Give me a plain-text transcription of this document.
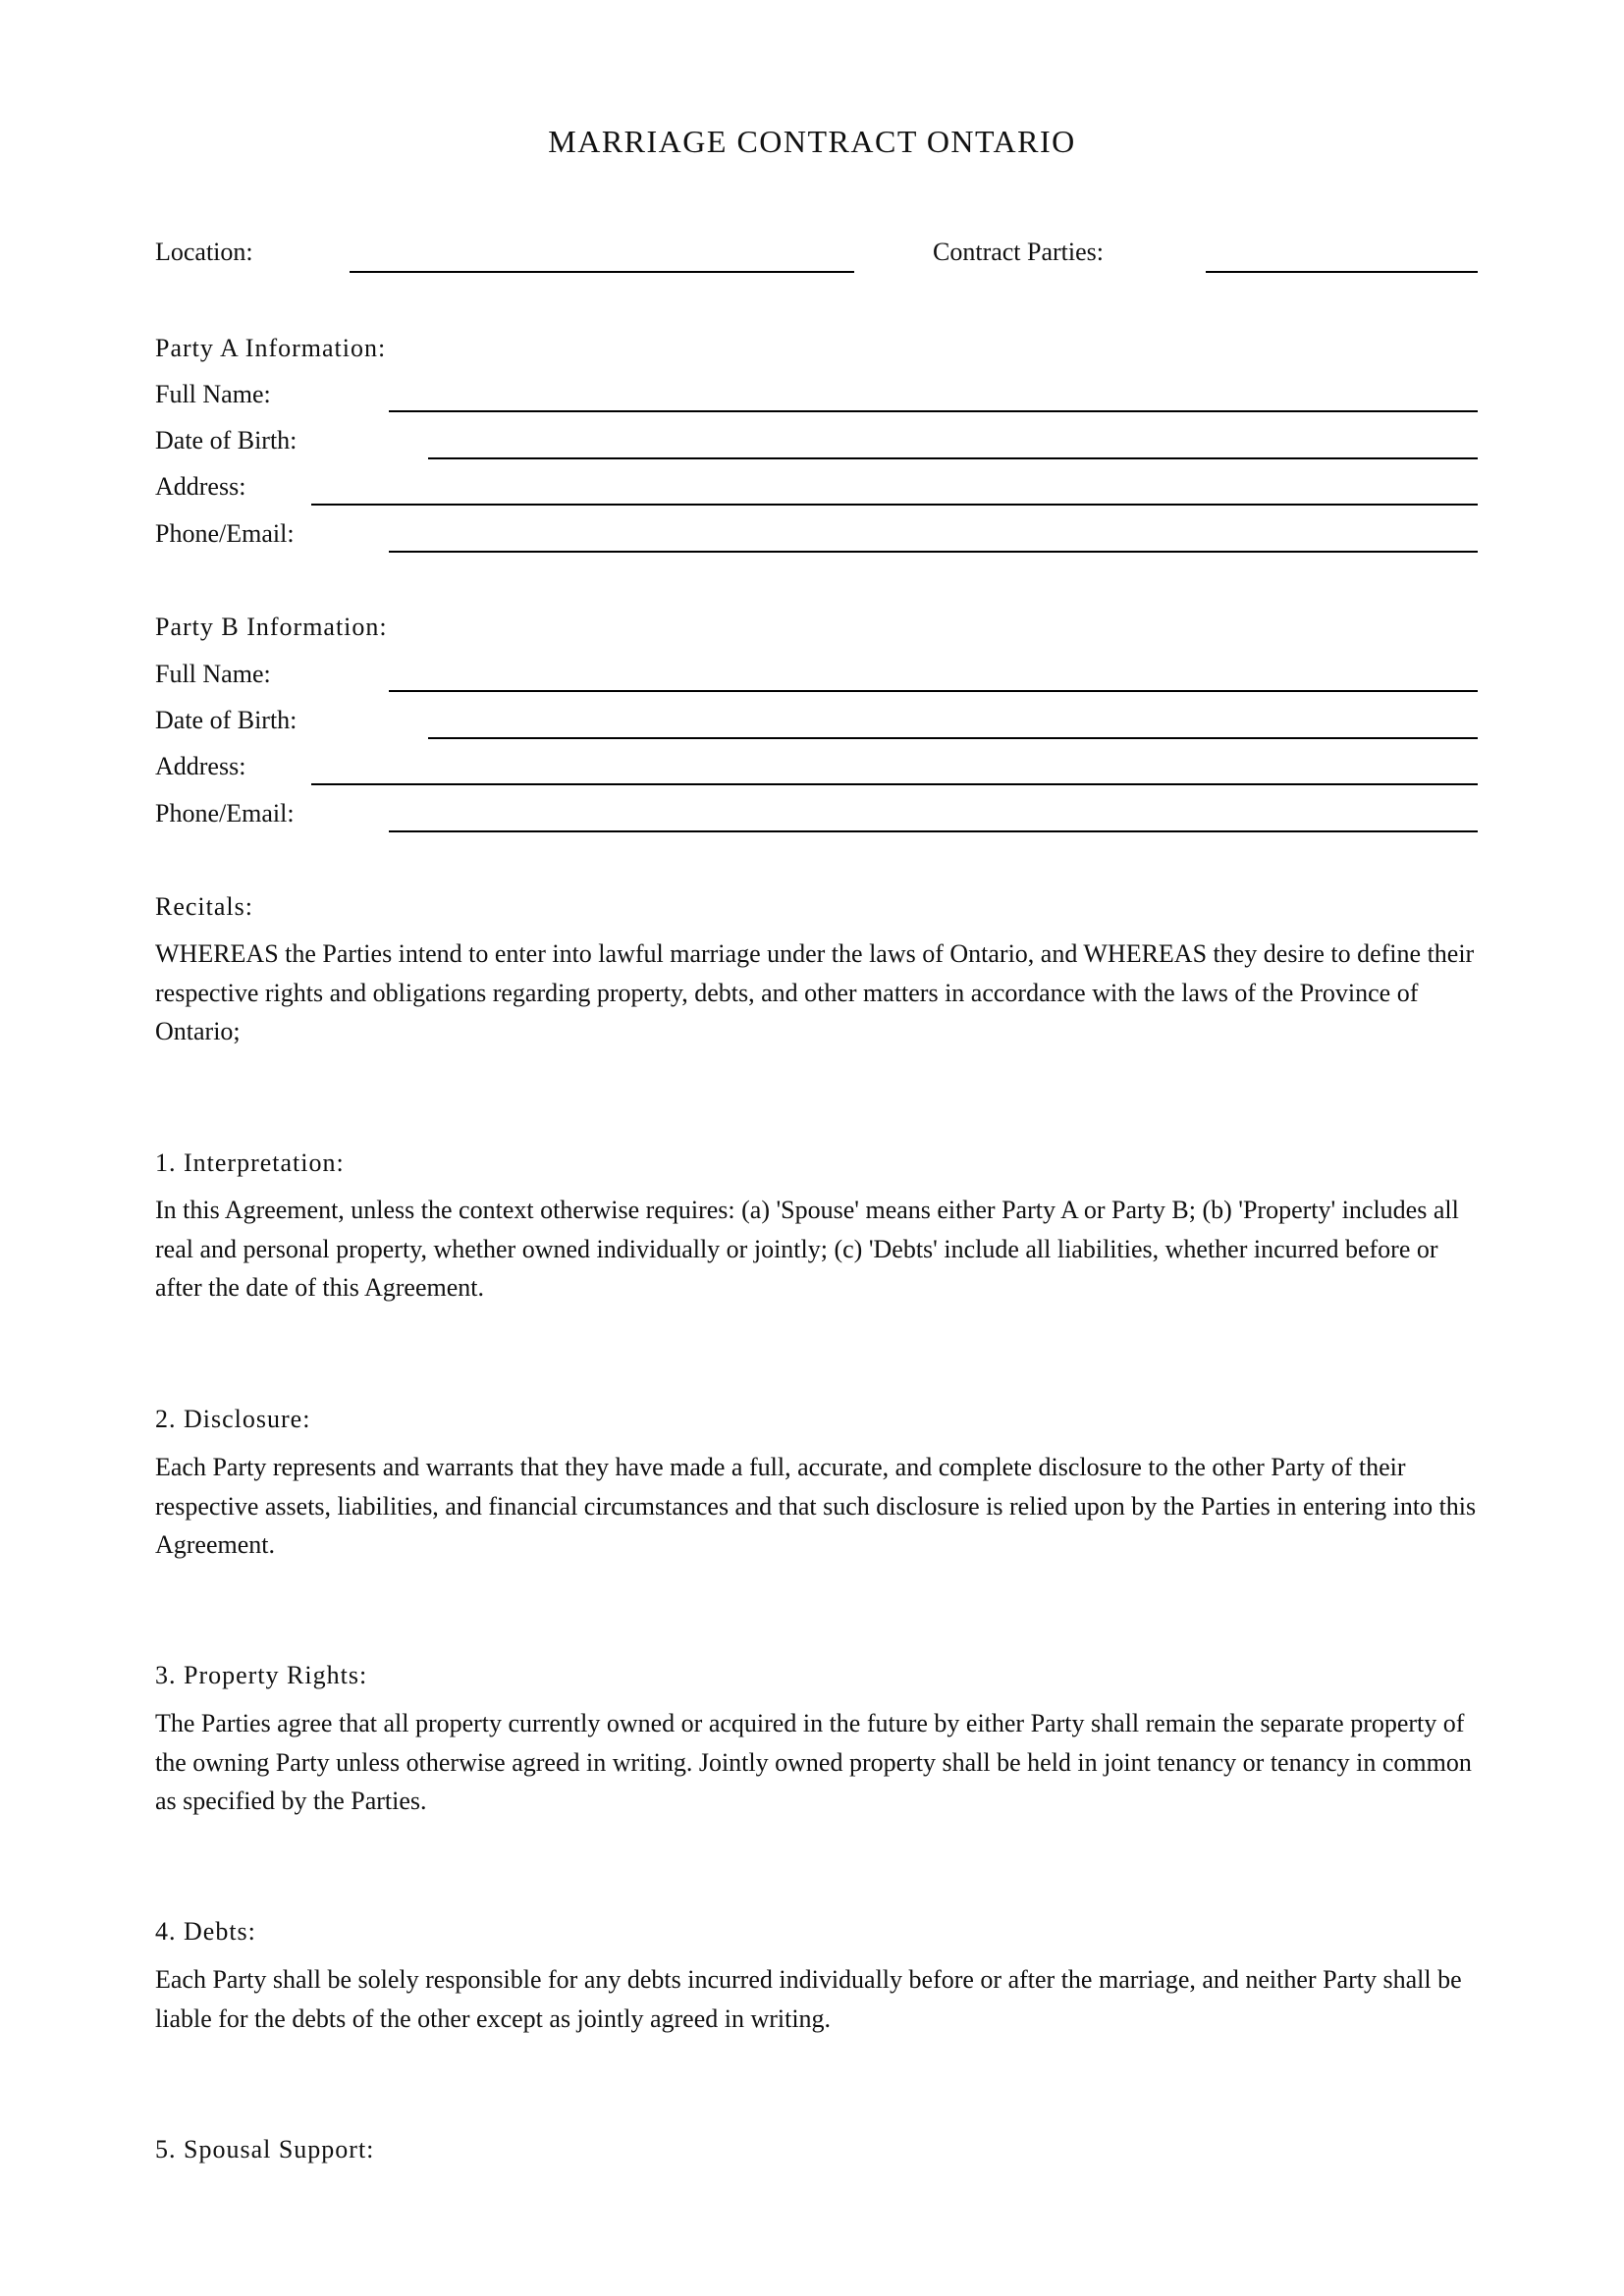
MARRIAGE CONTRACT ONTARIO
Location:	Contract Parties:
Party A Information:
Full Name:
Date of Birth:
Address:
Phone/Email:
Party B Information:
Full Name:
Date of Birth:
Address:
Phone/Email:
Recitals:
WHEREAS the Parties intend to enter into lawful marriage under the laws of Ontario, and WHEREAS they desire to define their respective rights and obligations regarding property, debts, and other matters in accordance with the laws of the Province of Ontario;
1. Interpretation:
In this Agreement, unless the context otherwise requires: (a) 'Spouse' means either Party A or Party B; (b) 'Property' includes all real and personal property, whether owned individually or jointly; (c) 'Debts' include all liabilities, whether incurred before or after the date of this Agreement.
2. Disclosure:
Each Party represents and warrants that they have made a full, accurate, and complete disclosure to the other Party of their respective assets, liabilities, and financial circumstances and that such disclosure is relied upon by the Parties in entering into this Agreement.
3. Property Rights:
The Parties agree that all property currently owned or acquired in the future by either Party shall remain the separate property of the owning Party unless otherwise agreed in writing. Jointly owned property shall be held in joint tenancy or tenancy in common as specified by the Parties.
4. Debts:
Each Party shall be solely responsible for any debts incurred individually before or after the marriage, and neither Party shall be liable for the debts of the other except as jointly agreed in writing.
5. Spousal Support:
